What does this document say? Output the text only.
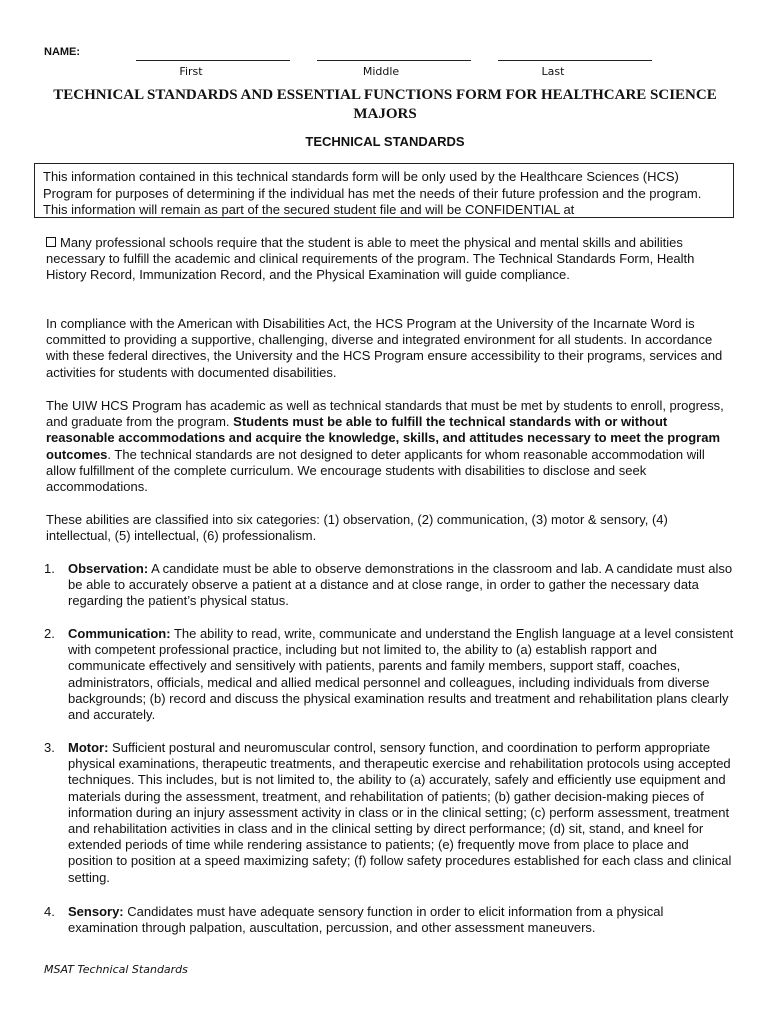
NAME:
First	Middle	Last
TECHNICAL STANDARDS AND ESSENTIAL FUNCTIONS FORM FOR HEALTHCARE SCIENCE MAJORS
TECHNICAL STANDARDS
This information contained in this technical standards form will be only used by the Healthcare Sciences (HCS) Program for purposes of determining if the individual has met the needs of their future profession and the program. This information will remain as part of the secured student file and will be CONFIDENTIAL at
Many professional schools require that the student is able to meet the physical and mental skills and abilities necessary to fulfill the academic and clinical requirements of the program. The Technical Standards Form, Health History Record, Immunization Record, and the Physical Examination will guide compliance.
In compliance with the American with Disabilities Act, the HCS Program at the University of the Incarnate Word is committed to providing a supportive, challenging, diverse and integrated environment for all students. In accordance with these federal directives, the University and the HCS Program ensure accessibility to their programs, services and activities for students with documented disabilities.
The UIW HCS Program has academic as well as technical standards that must be met by students to enroll, progress, and graduate from the program. Students must be able to fulfill the technical standards with or without reasonable accommodations and acquire the knowledge, skills, and attitudes necessary to meet the program outcomes. The technical standards are not designed to deter applicants for whom reasonable accommodation will allow fulfillment of the complete curriculum. We encourage students with disabilities to disclose and seek accommodations.
These abilities are classified into six categories: (1) observation, (2) communication, (3) motor & sensory, (4) intellectual, (5) intellectual, (6) professionalism.
1.	Observation: A candidate must be able to observe demonstrations in the classroom and lab. A candidate must also be able to accurately observe a patient at a distance and at close range, in order to gather the necessary data regarding the patient’s physical status.
2.	Communication: The ability to read, write, communicate and understand the English language at a level consistent with competent professional practice, including but not limited to, the ability to (a) establish rapport and communicate effectively and sensitively with patients, parents and family members, support staff, coaches, administrators, officials, medical and allied medical personnel and colleagues, including individuals from diverse backgrounds; (b) record and discuss the physical examination results and treatment and rehabilitation plans clearly and accurately.
3.	Motor: Sufficient postural and neuromuscular control, sensory function, and coordination to perform appropriate physical examinations, therapeutic treatments, and therapeutic exercise and rehabilitation protocols using accepted techniques. This includes, but is not limited to, the ability to (a) accurately, safely and efficiently use equipment and materials during the assessment, treatment, and rehabilitation of patients; (b) gather decision-making pieces of information during an injury assessment activity in class or in the clinical setting; (c) perform assessment, treatment and rehabilitation activities in class and in the clinical setting by direct performance; (d) sit, stand, and kneel for extended periods of time while rendering assistance to patients; (e) frequently move from place to place and position to position at a speed maximizing safety; (f) follow safety procedures established for each class and clinical setting.
4.	Sensory: Candidates must have adequate sensory function in order to elicit information from a physical examination through palpation, auscultation, percussion, and other assessment maneuvers.
MSAT Technical Standards
